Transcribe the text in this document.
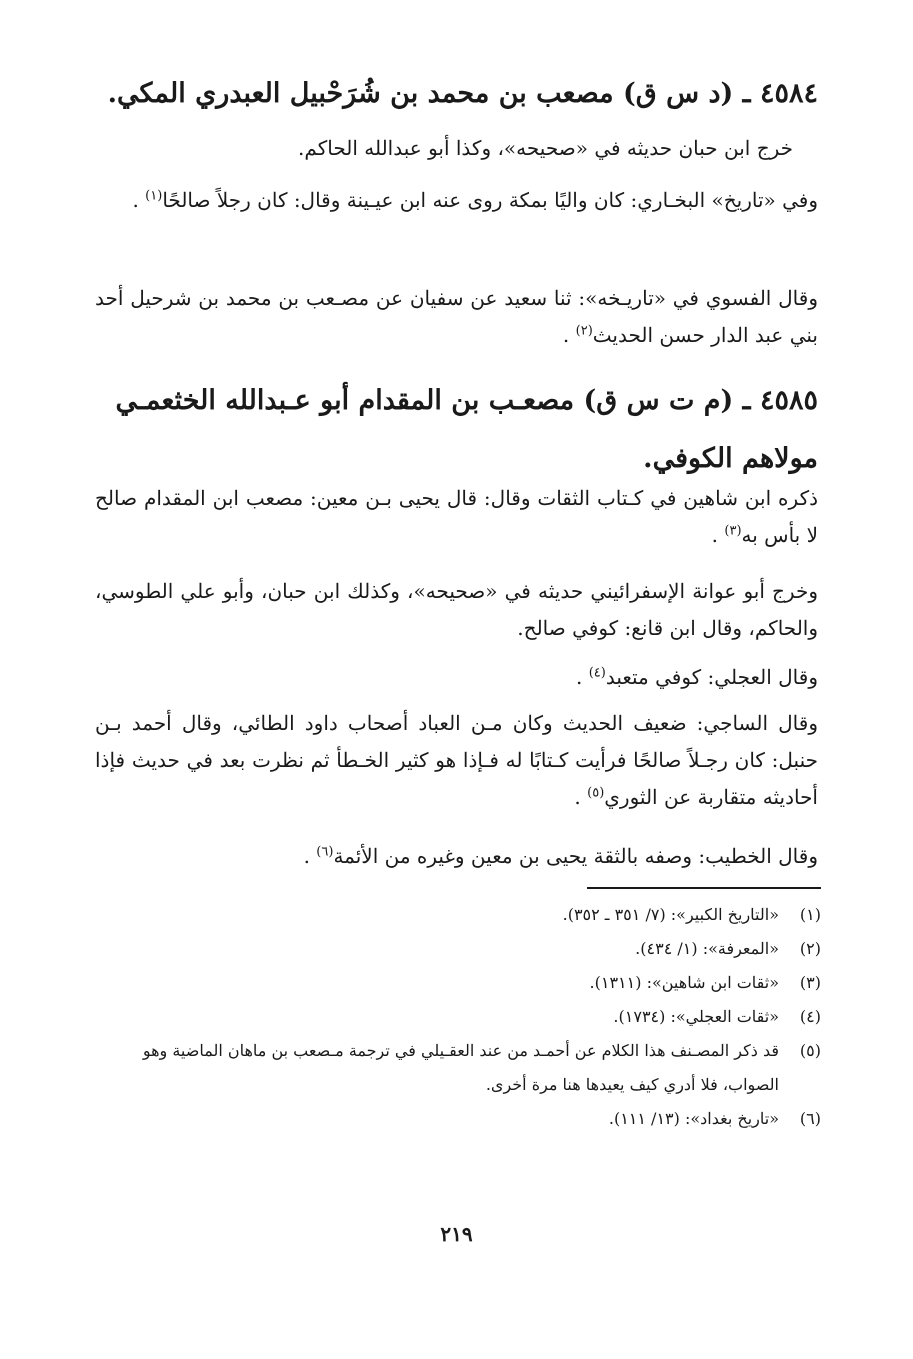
٤٥٨٤ ـ (د س ق) مصعب بن محمد بن شُرَحْبيل العبدري المكي.

خرج ابن حبان حديثه في «صحيحه»، وكذا أبو عبدالله الحاكم.

وفي «تاريخ» البخـاري: كان واليًا بمكة روى عنه ابن عيـينة وقال: كان رجلاً صالحًا$^{(١)}$ .

وقال الفسوي في «تاريـخه»: ثنا سعيد عن سفيان عن مصـعب بن محمد بن شرحيل أحد بني عبد الدار حسن الحديث$^{(٢)}$ .

٤٥٨٥ ـ (م ت س ق) مصعـب بن المقدام أبو عـبدالله الخثعمـي مولاهم الكوفي.

ذكره ابن شاهين في كـتاب الثقات وقال: قال يحيى بـن معين: مصعب ابن المقدام صالح لا بأس به$^{(٣)}$ .

وخرج أبو عوانة الإسفرائيني حديثه في «صحيحه»، وكذلك ابن حبان، وأبو علي الطوسي، والحاكم، وقال ابن قانع: كوفي صالح.

وقال العجلي: كوفي متعبد$^{(٤)}$ .

وقال الساجي: ضعيف الحديث وكان مـن العباد أصحاب داود الطائي، وقال أحمد بـن حنبل: كان رجـلاً صالحًا فرأيت كـتابًا له فـإذا هو كثير الخـطأ ثم نظرت بعد في حديث فإذا أحاديثه متقاربة عن الثوري$^{(٥)}$ .

وقال الخطيب: وصفه بالثقة يحيى بن معين وغيره من الأئمة$^{(٦)}$ .

(١)
«التاريخ الكبير»: (٧/ ٣٥١ ـ ٣٥٢).
(٢)
«المعرفة»: (١/ ٤٣٤).
(٣)
«ثقات ابن شاهين»: (١٣١١).
(٤)
«ثقات العجلي»: (١٧٣٤).
(٥)
قد ذكر المصـنف هذا الكلام عن أحمـد من عند العقـيلي في ترجمة مـصعب بن ماهان الماضية وهو الصواب، فلا أدري كيف يعيدها هنا مرة أخرى.
(٦)
«تاريخ بغداد»: (١٣/ ١١١).
٢١٩
